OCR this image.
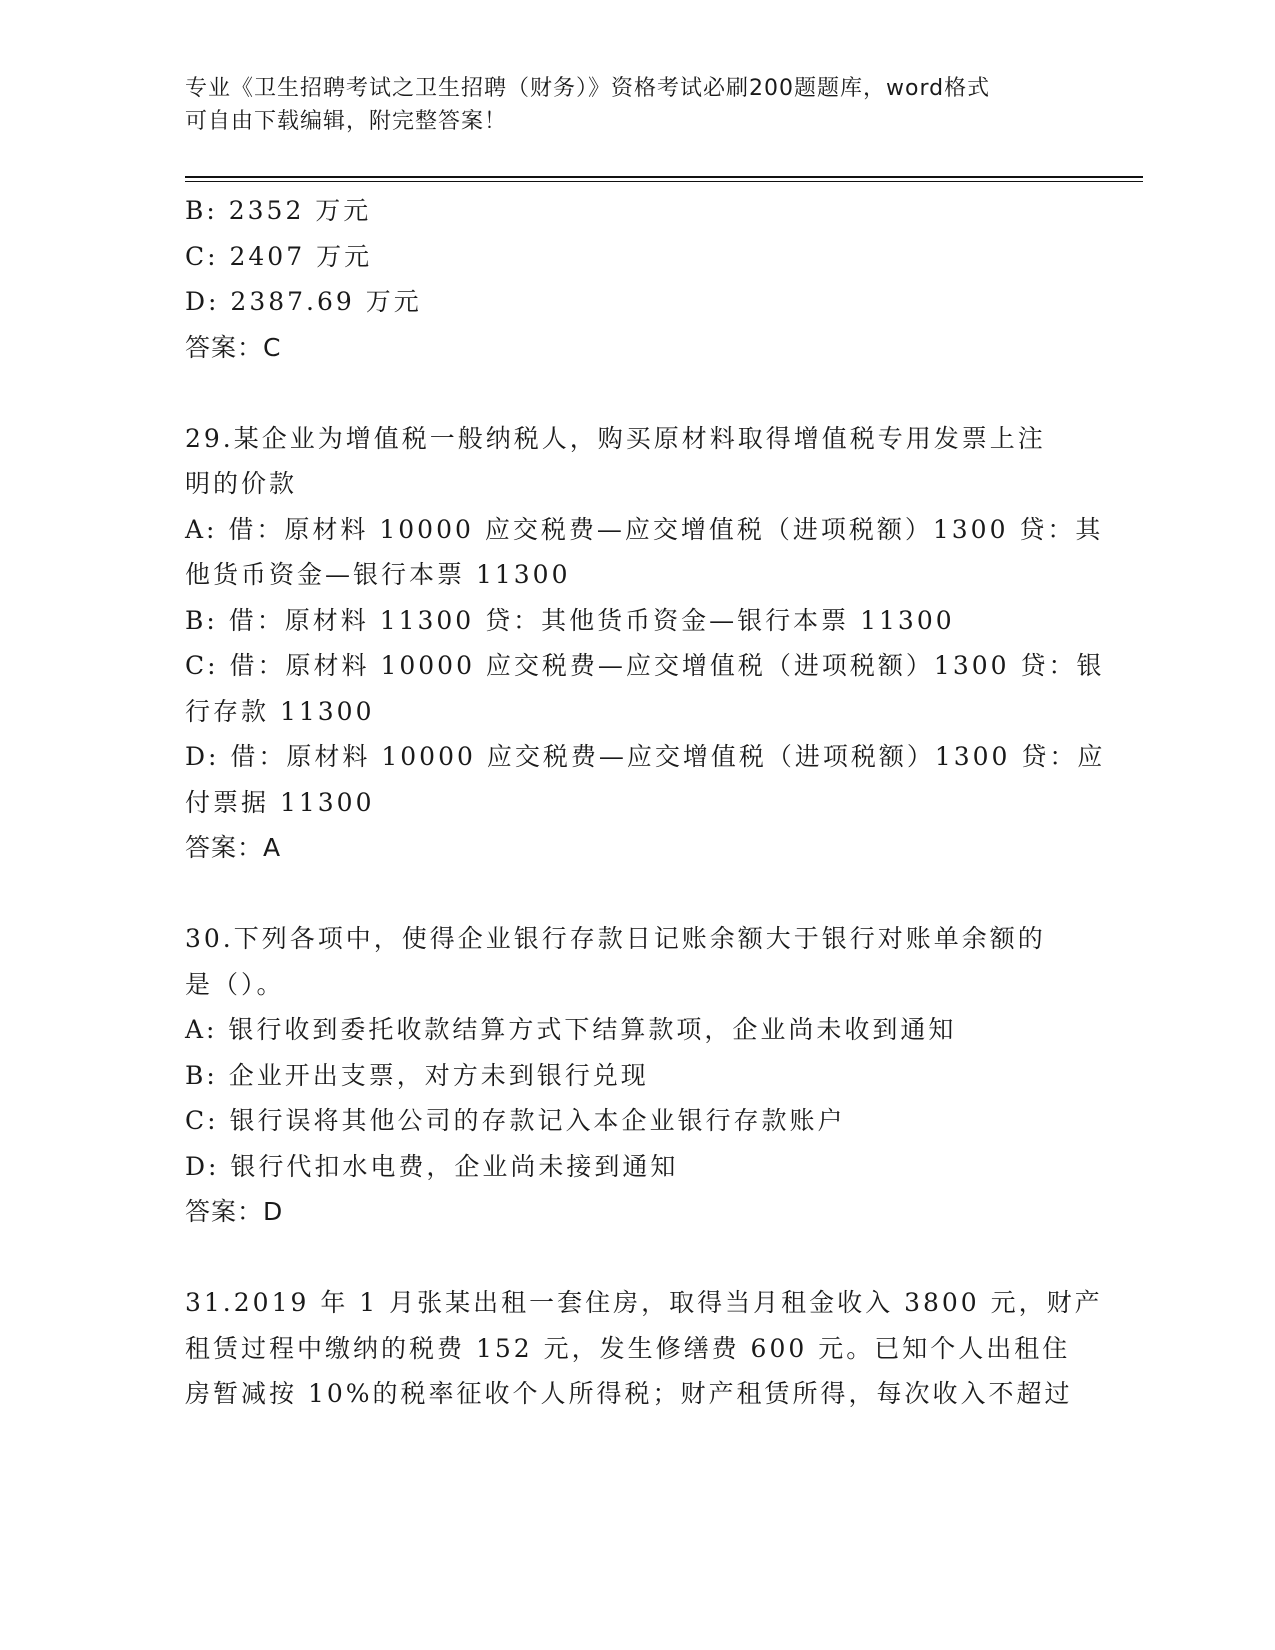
专业《卫生招聘考试之卫生招聘（财务）》资格考试必刷200题题库，word格式
可自由下载编辑，附完整答案！
B: 2352 万元
C: 2407 万元
D: 2387.69 万元
答案：C
29.某企业为增值税一般纳税人，购买原材料取得增值税专用发票上注
明的价款
A: 借：原材料 10000 应交税费—应交增值税（进项税额）1300 贷：其
他货币资金—银行本票 11300
B: 借：原材料 11300 贷：其他货币资金—银行本票 11300
C: 借：原材料 10000 应交税费—应交增值税（进项税额）1300 贷：银
行存款 11300
D: 借：原材料 10000 应交税费—应交增值税（进项税额）1300 贷：应
付票据 11300
答案：A
30.下列各项中，使得企业银行存款日记账余额大于银行对账单余额的
是（）。
A: 银行收到委托收款结算方式下结算款项，企业尚未收到通知
B: 企业开出支票，对方未到银行兑现
C: 银行误将其他公司的存款记入本企业银行存款账户
D: 银行代扣水电费，企业尚未接到通知
答案：D
31.2019 年 1 月张某出租一套住房，取得当月租金收入 3800 元，财产
租赁过程中缴纳的税费 152 元，发生修缮费 600 元。已知个人出租住
房暂减按 10%的税率征收个人所得税；财产租赁所得，每次收入不超过
